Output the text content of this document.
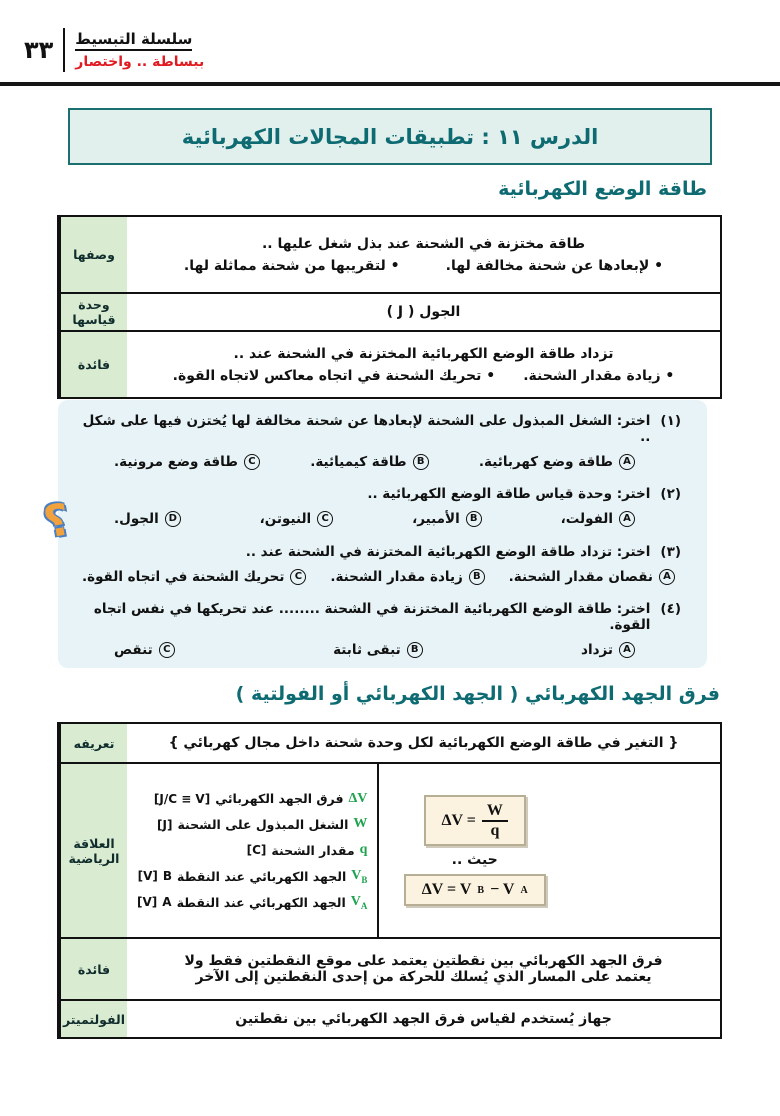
٣٣ سلسلة التبسيط
ببساطة .. واختصار
الدرس ١١ : تطبيقات المجالات الكهربائية
طاقة الوضع الكهربائية
طاقة مختزنة في الشحنة عند بذل شغل عليها ..
• لإبعادها عن شحنة مخالفة لها.
• لتقريبها من شحنة مماثلة لها.
وصفها
الجول ( J )
وحدة قياسها
تزداد طاقة الوضع الكهربائية المختزنة في الشحنة عند ..
• زيادة مقدار الشحنة.
• تحريك الشحنة في اتجاه معاكس لاتجاه القوة.
فائدة
؟
(١)
اختر: الشغل المبذول على الشحنة لإبعادها عن شحنة مخالفة لها يُختزن فيها على شكل ..
A
طاقة وضع كهربائية.
B
طاقة كيميائية.
C
طاقة وضع مرونية.
(٢)
اختر: وحدة قياس طاقة الوضع الكهربائية ..
A
الفولت،
B
الأمبير،
C
النيوتن،
D
الجول.
(٣)
اختر: تزداد طاقة الوضع الكهربائية المختزنة في الشحنة عند ..
A
نقصان مقدار الشحنة.
B
زيادة مقدار الشحنة.
C
تحريك الشحنة في اتجاه القوة.
(٤)
اختر: طاقة الوضع الكهربائية المختزنة في الشحنة ........ عند تحريكها في نفس اتجاه القوة.
A
تزداد
B
تبقى ثابتة
C
تنقص
فرق الجهد الكهربائي ( الجهد الكهربائي أو الفولتية )
{ التغير في طاقة الوضع الكهربائية لكل وحدة شحنة داخل مجال كهربائي }
تعريفه
$\Delta V = \frac{W}{q}$
حيث ..
ΔV = V B − V A
ΔV
فرق الجهد الكهربائي
[J/C ≡ V]
W
الشغل المبذول على الشحنة
[J]
q
مقدار الشحنة
[C]
$V_B$
الجهد الكهربائي عند النقطة
B
[V]
$V_A$
الجهد الكهربائي عند النقطة
A
[V]
العلاقة الرياضية
فرق الجهد الكهربائي بين نقطتين يعتمد على موقع النقطتين فقط ولا يعتمد على المسار الذي يُسلك للحركة من إحدى النقطتين إلى الآخر
فائدة
جهاز يُستخدم لقياس فرق الجهد الكهربائي بين نقطتين
الفولتميتر
